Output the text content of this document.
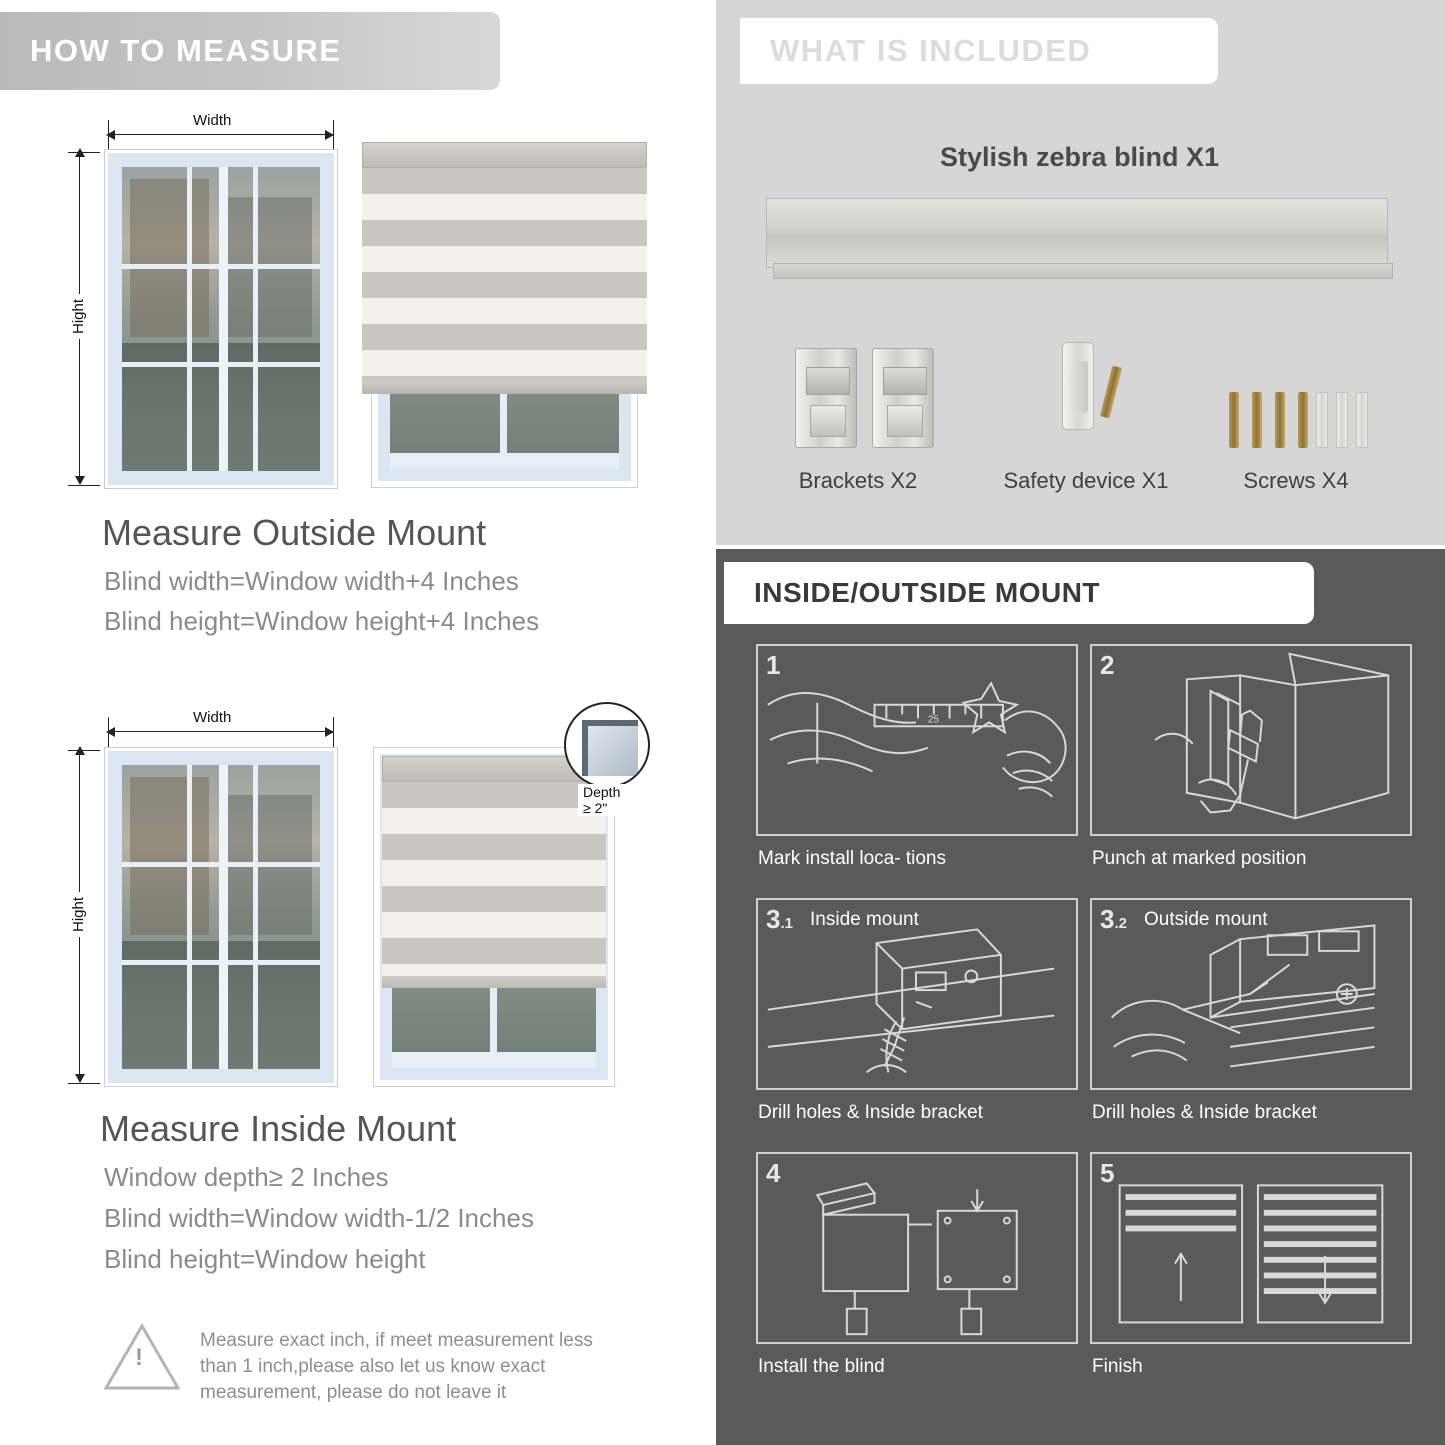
HOW TO MEASURE
Width
Hight
Measure Outside Mount
Blind width=Window width+4 Inches
Blind height=Window height+4 Inches
Width
Hight
Depth ≥ 2"
Measure Inside Mount
Window depth≥ 2 Inches
Blind width=Window width-1/2 Inches
Blind height=Window height
!
Measure exact inch, if meet measurement less
than 1 inch,please also let us know exact
measurement, please do not leave it
WHAT IS INCLUDED
Stylish zebra blind X1
Brackets X2	Safety device X1	Screws X4
INSIDE/OUTSIDE MOUNT
1
25
Mark install loca- tions
2
Punch at marked position
3.1 Inside mount
Drill holes & Inside bracket
3.2 Outside mount
Drill holes & Inside bracket
4
Install the blind
5
Finish
